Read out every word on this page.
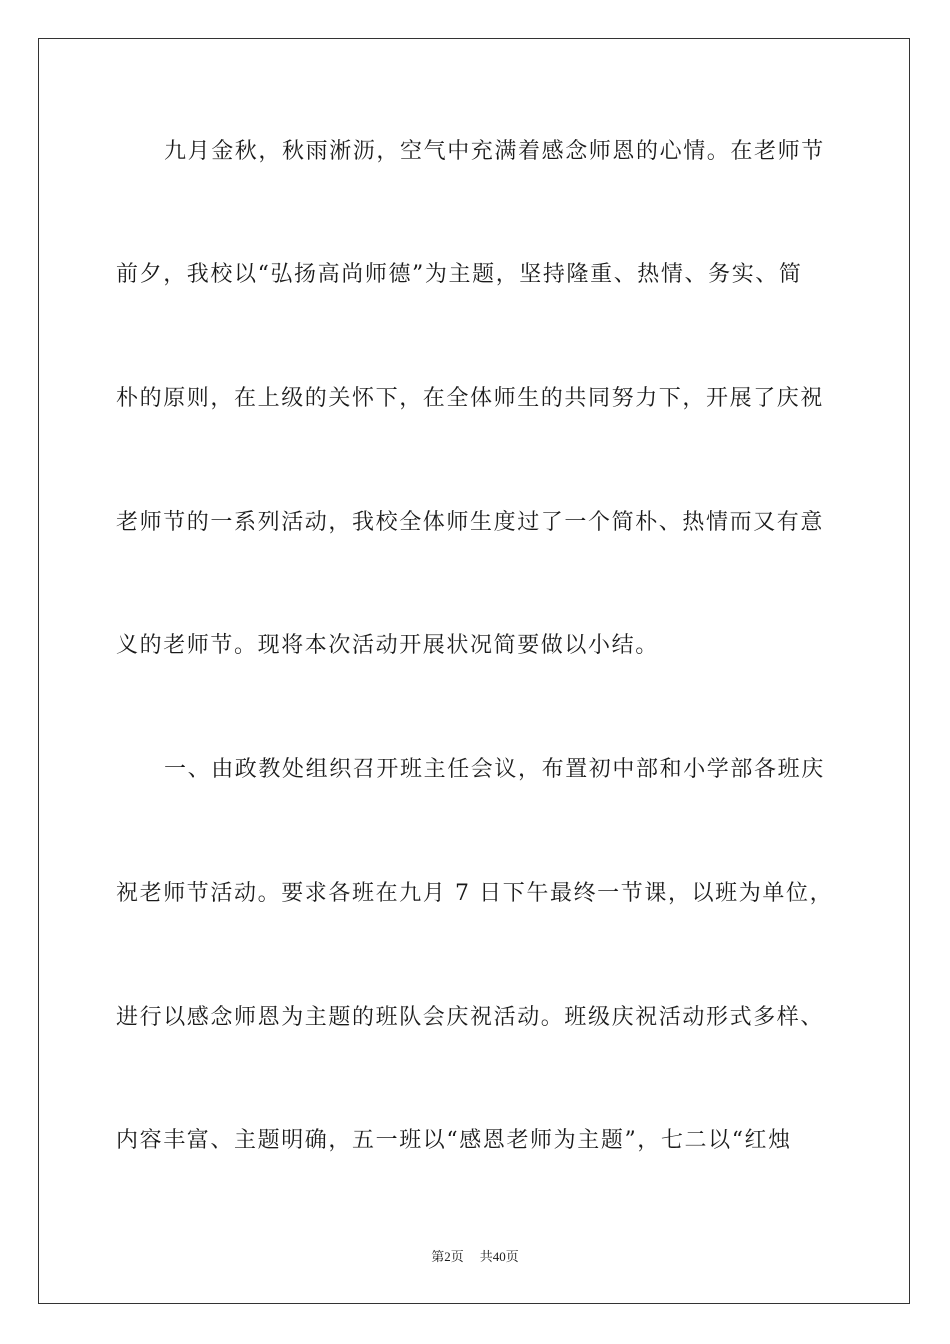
九月金秋，秋雨淅沥，空气中充满着感念师恩的心情。在老师节
前夕，我校以“弘扬高尚师德”为主题，坚持隆重、热情、务实、简
朴的原则，在上级的关怀下，在全体师生的共同努力下，开展了庆祝
老师节的一系列活动，我校全体师生度过了一个简朴、热情而又有意
义的老师节。现将本次活动开展状况简要做以小结。
一、由政教处组织召开班主任会议，布置初中部和小学部各班庆
祝老师节活动。要求各班在九月 7 日下午最终一节课，以班为单位，
进行以感念师恩为主题的班队会庆祝活动。班级庆祝活动形式多样、
内容丰富、主题明确，五一班以“感恩老师为主题”，七二以“红烛
第2页 共40页
